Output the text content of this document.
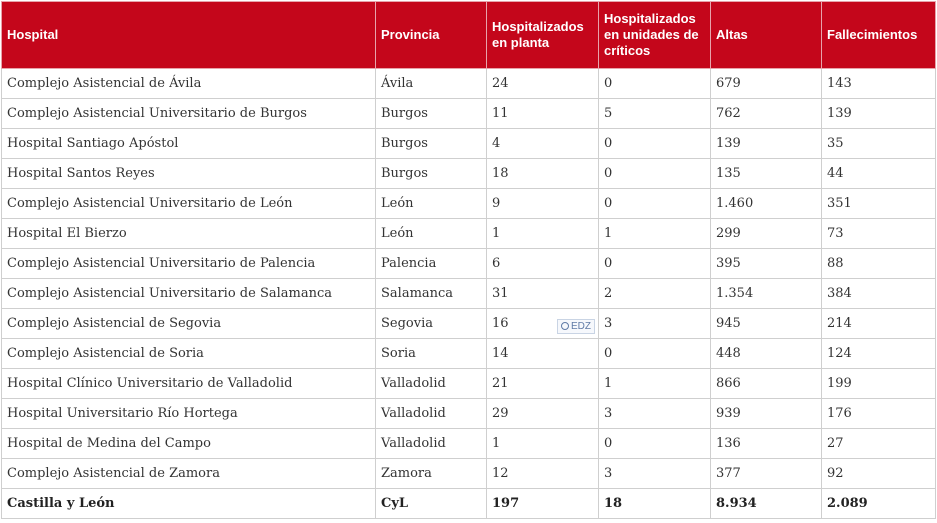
Hospital	Provincia	Hospitalizados en planta	Hospitalizados en unidades de críticos	Altas	Fallecimientos
Complejo Asistencial de Ávila	Ávila	24	0	679	143
Complejo Asistencial Universitario de Burgos	Burgos	11	5	762	139
Hospital Santiago Apóstol	Burgos	4	0	139	35
Hospital Santos Reyes	Burgos	18	0	135	44
Complejo Asistencial Universitario de León	León	9	0	1.460	351
Hospital El Bierzo	León	1	1	299	73
Complejo Asistencial Universitario de Palencia	Palencia	6	0	395	88
Complejo Asistencial Universitario de Salamanca	Salamanca	31	2	1.354	384
Complejo Asistencial de Segovia	Segovia	16	3	945	214
Complejo Asistencial de Soria	Soria	14	0	448	124
Hospital Clínico Universitario de Valladolid	Valladolid	21	1	866	199
Hospital Universitario Río Hortega	Valladolid	29	3	939	176
Hospital de Medina del Campo	Valladolid	1	0	136	27
Complejo Asistencial de Zamora	Zamora	12	3	377	92
Castilla y León	CyL	197	18	8.934	2.089
EDZ
